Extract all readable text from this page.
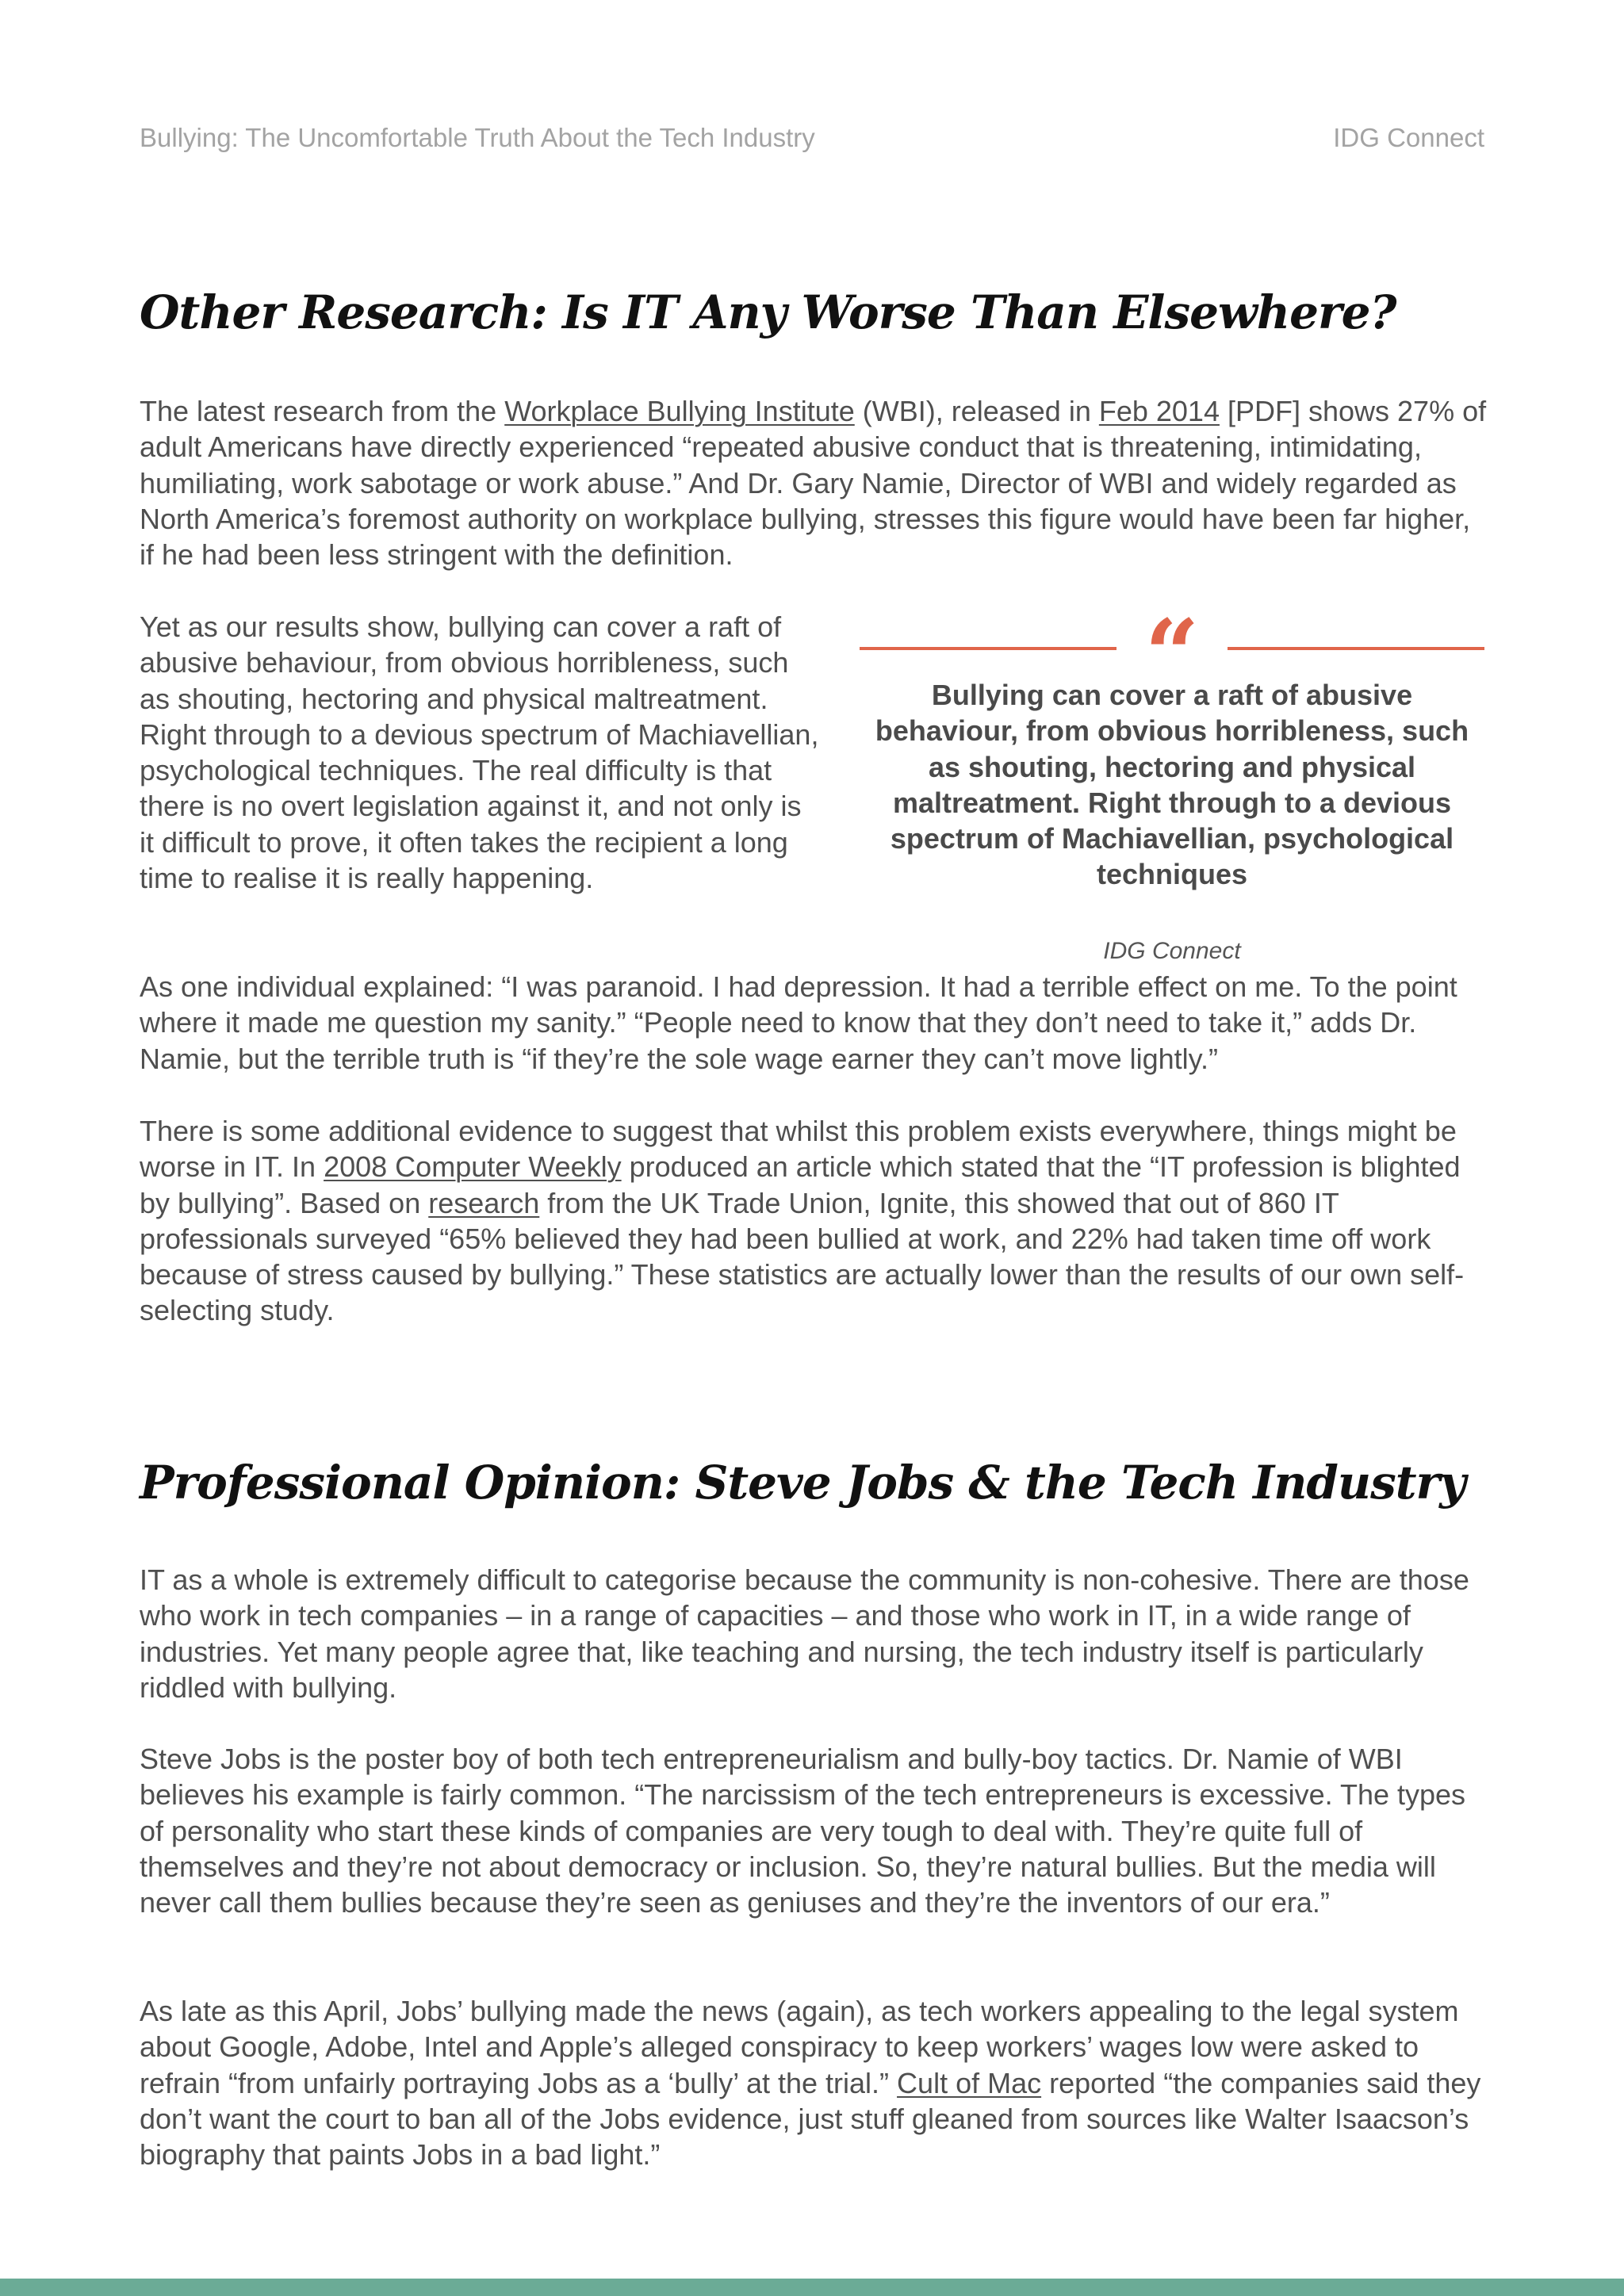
Bullying: The Uncomfortable Truth About the Tech Industry	IDG Connect
Other Research: Is IT Any Worse Than Elsewhere?

The latest research from the Workplace Bullying Institute (WBI), released in Feb 2014 [PDF] shows 27% of adult Americans have directly experienced “repeated abusive conduct that is threatening, intimidating, humiliating, work sabotage or work abuse.” And Dr. Gary Namie, Director of WBI and widely regarded as North America’s foremost authority on workplace bullying, stresses this figure would have been far higher, if he had been less stringent with the definition.

Yet as our results show, bullying can cover a raft of abusive behaviour, from obvious horribleness, such as shouting, hectoring and physical maltreatment. Right through to a devious spectrum of Machiavellian, psychological techniques. The real difficulty is that there is no overt legislation against it, and not only is it difficult to prove, it often takes the recipient a long time to realise it is really happening.

“
Bullying can cover a raft of abusive behaviour, from obvious horribleness, such as shouting, hectoring and physical maltreatment. Right through to a devious spectrum of Machiavellian, psychological techniques
IDG Connect

As one individual explained: “I was paranoid. I had depression. It had a terrible effect on me. To the point where it made me question my sanity.” “People need to know that they don’t need to take it,” adds Dr. Namie, but the terrible truth is “if they’re the sole wage earner they can’t move lightly.”

There is some additional evidence to suggest that whilst this problem exists everywhere, things might be worse in IT. In 2008 Computer Weekly produced an article which stated that the “IT profession is blighted by bullying”. Based on research from the UK Trade Union, Ignite, this showed that out of 860 IT professionals surveyed “65% believed they had been bullied at work, and 22% had taken time off work because of stress caused by bullying.” These statistics are actually lower than the results of our own self-selecting study.

Professional Opinion: Steve Jobs & the Tech Industry

IT as a whole is extremely difficult to categorise because the community is non-cohesive. There are those who work in tech companies – in a range of capacities – and those who work in IT, in a wide range of industries. Yet many people agree that, like teaching and nursing, the tech industry itself is particularly riddled with bullying.

Steve Jobs is the poster boy of both tech entrepreneurialism and bully-boy tactics. Dr. Namie of WBI believes his example is fairly common. “The narcissism of the tech entrepreneurs is excessive. The types of personality who start these kinds of companies are very tough to deal with. They’re quite full of themselves and they’re not about democracy or inclusion. So, they’re natural bullies. But the media will never call them bullies because they’re seen as geniuses and they’re the inventors of our era.”

As late as this April, Jobs’ bullying made the news (again), as tech workers appealing to the legal system about Google, Adobe, Intel and Apple’s alleged conspiracy to keep workers’ wages low were asked to refrain “from unfairly portraying Jobs as a ‘bully’ at the trial.” Cult of Mac reported “the companies said they don’t want the court to ban all of the Jobs evidence, just stuff gleaned from sources like Walter Isaacson’s biography that paints Jobs in a bad light.”
